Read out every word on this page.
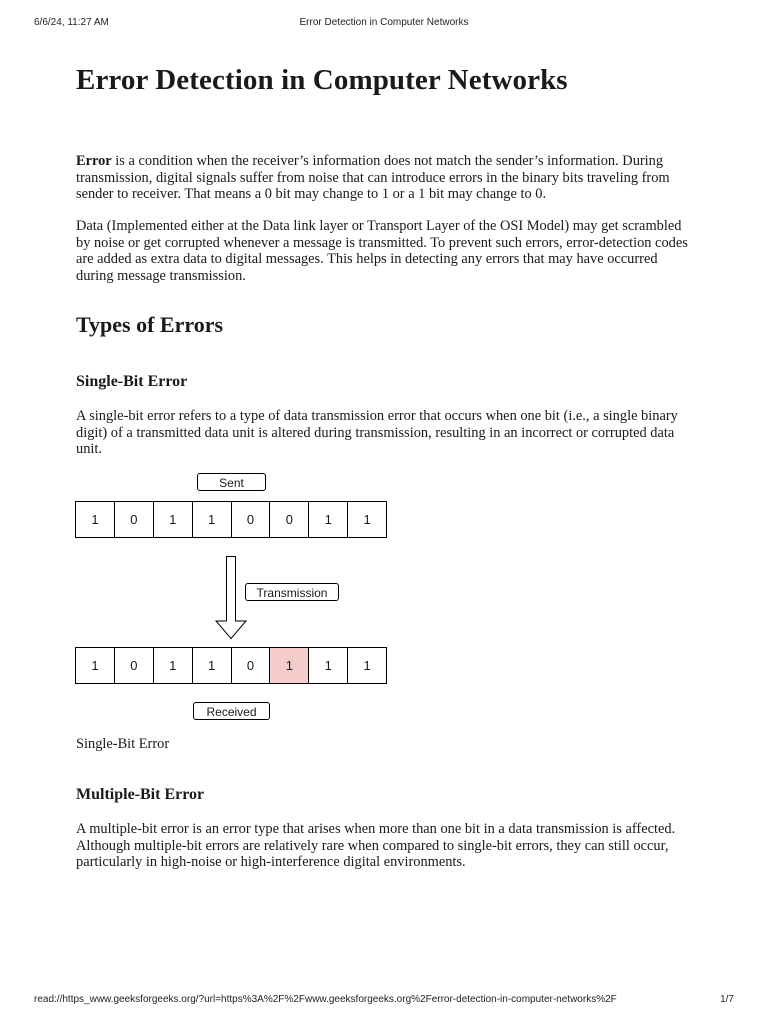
6/6/24, 11:27 AM	Error Detection in Computer Networks
Error Detection in Computer Networks

Error is a condition when the receiver’s information does not match the sender’s information. During transmission, digital signals suffer from noise that can introduce errors in the binary bits traveling from sender to receiver. That means a 0 bit may change to 1 or a 1 bit may change to 0.

Data (Implemented either at the Data link layer or Transport Layer of the OSI Model) may get scrambled by noise or get corrupted whenever a message is transmitted. To prevent such errors, error-detection codes are added as extra data to digital messages. This helps in detecting any errors that may have occurred during message transmission.

Types of Errors
Single-Bit Error

A single-bit error refers to a type of data transmission error that occurs when one bit (i.e., a single binary digit) of a transmitted data unit is altered during transmission, resulting in an incorrect or corrupted data unit.

Single-Bit Error
Multiple-Bit Error

A multiple-bit error is an error type that arises when more than one bit in a data transmission is affected. Although multiple-bit errors are relatively rare when compared to single-bit errors, they can still occur, particularly in high-noise or high-interference digital environments.

Sent
1	0	1	1	0	0	1	1
Transmission
1	0	1	1	0	1	1	1
Received
read://https_www.geeksforgeeks.org/?url=https%3A%2F%2Fwww.geeksforgeeks.org%2Ferror-detection-in-computer-networks%2F	1/7
